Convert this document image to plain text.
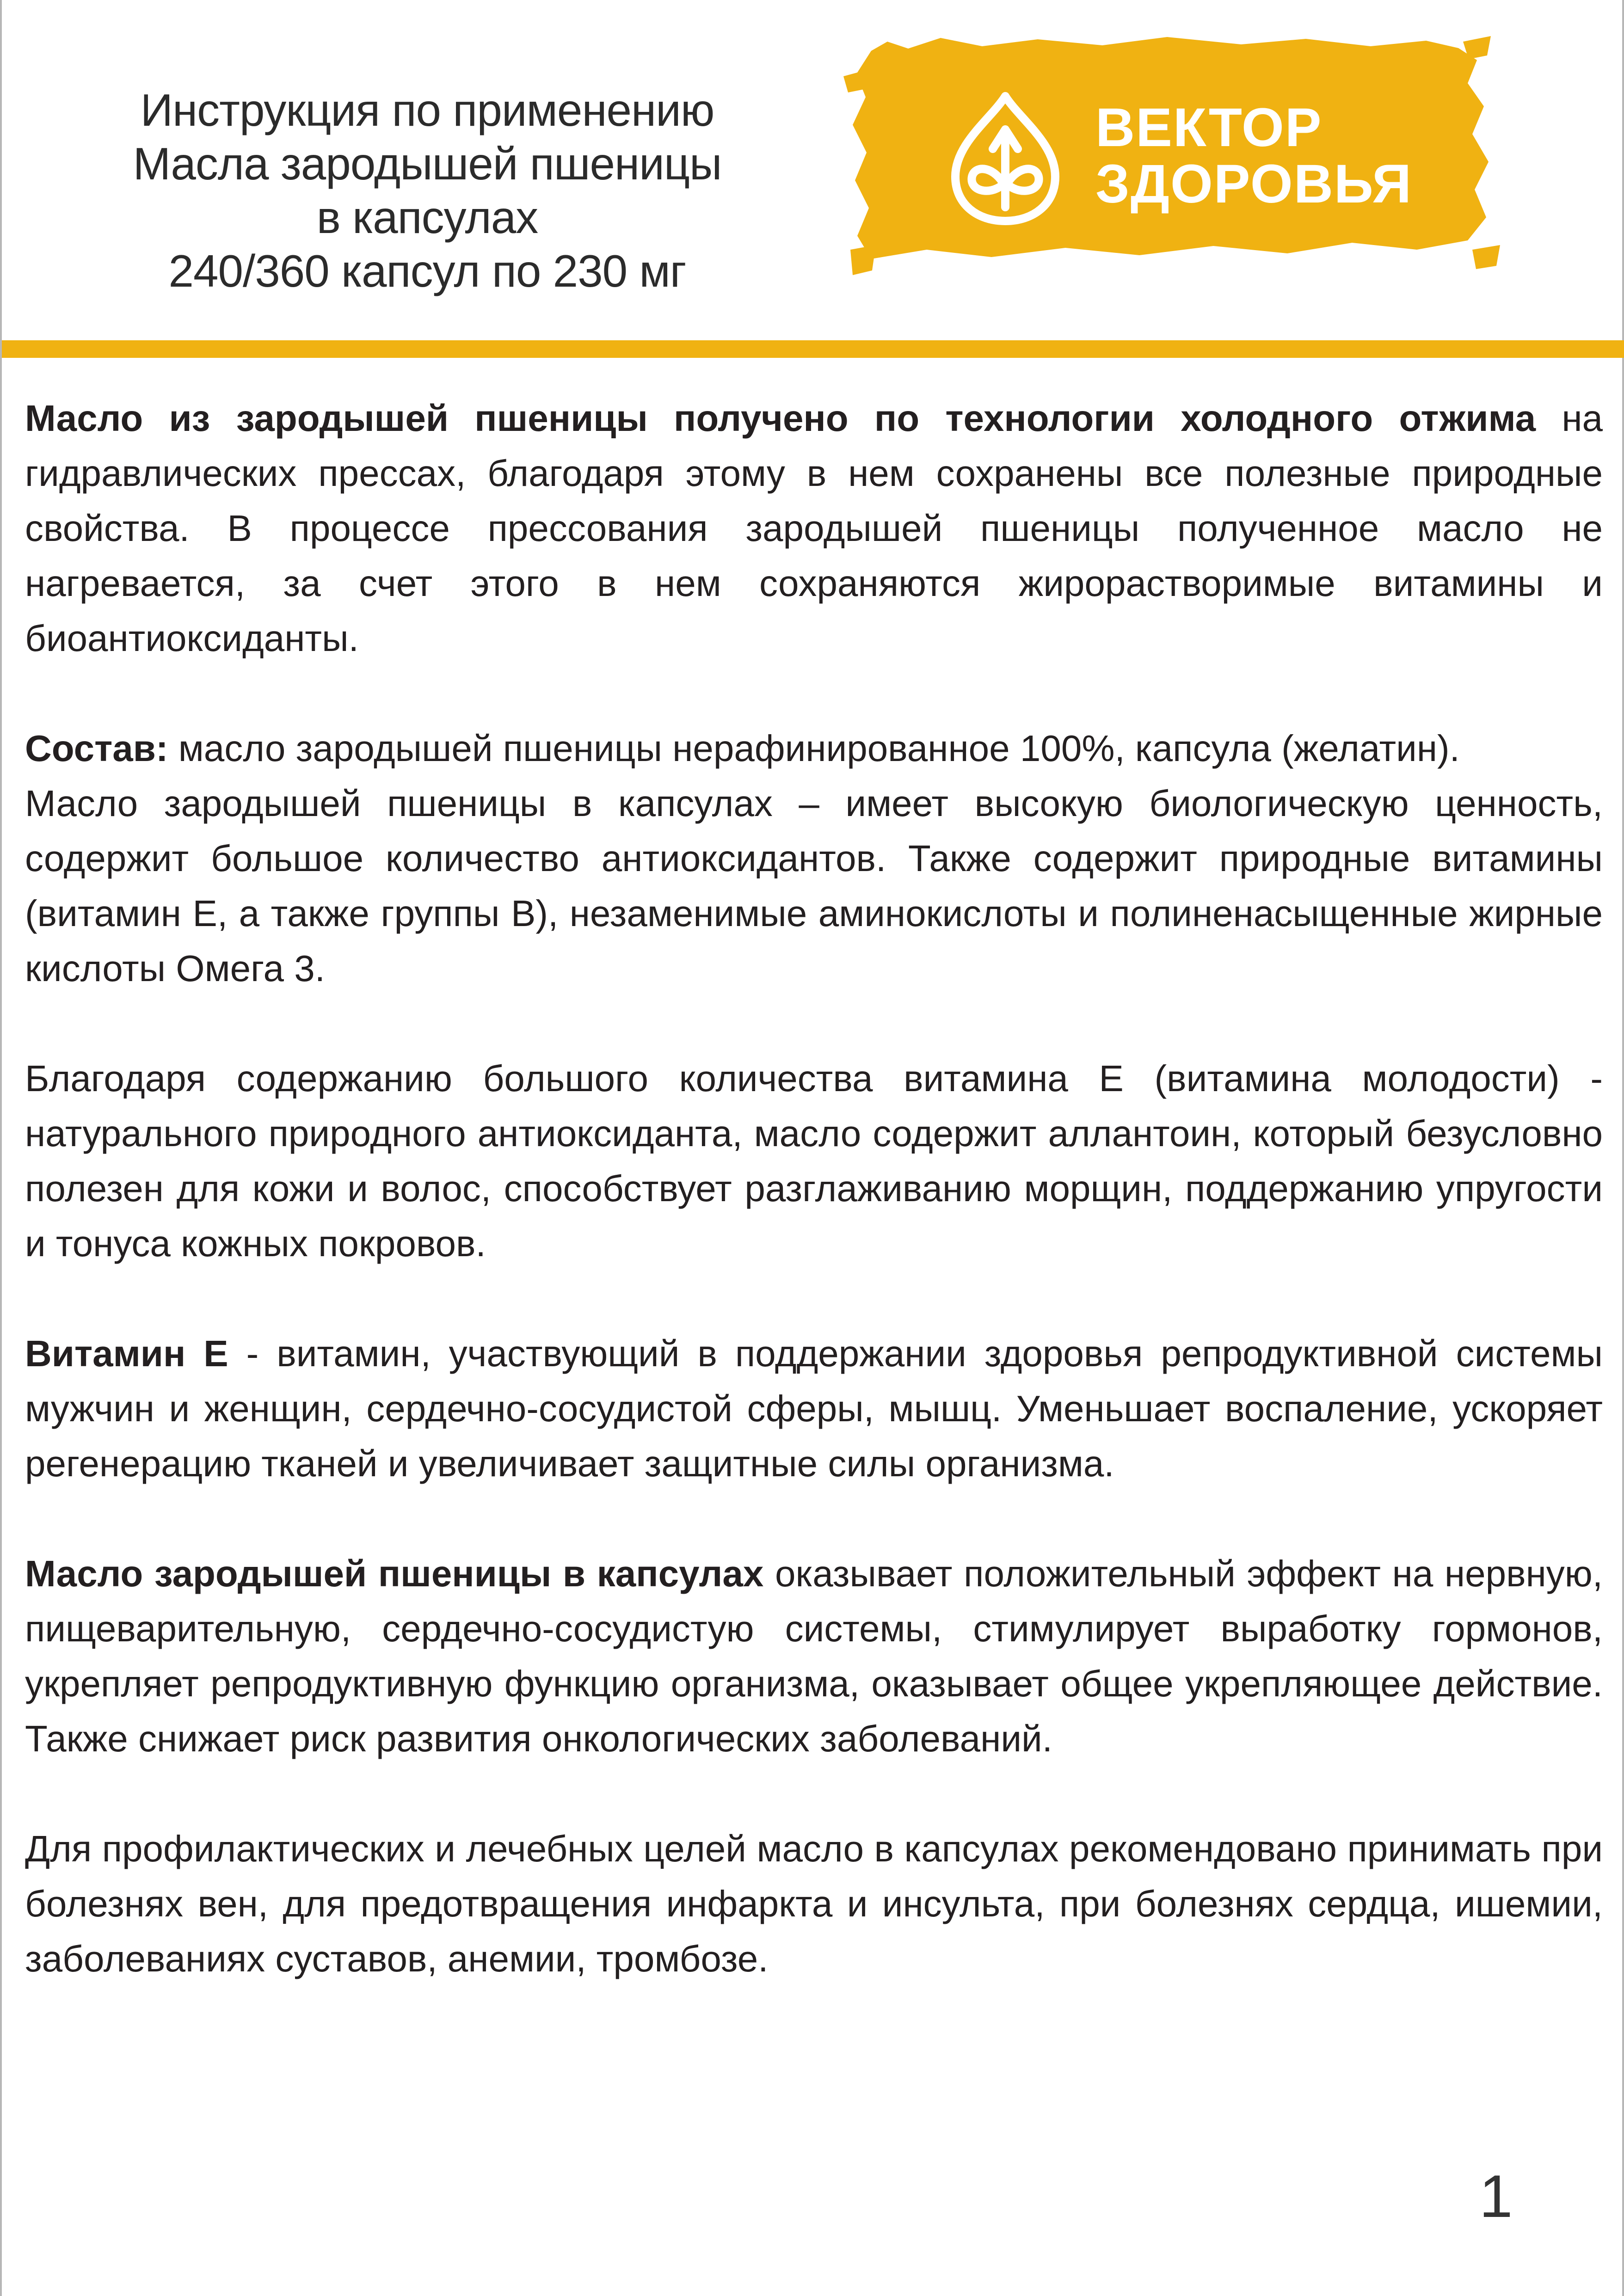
Инструкция по применению
Масла зародышей пшеницы
в капсулах
240/360 капсул по 230 мг
ВЕКТОР
ЗДОРОВЬЯ

Масло из зародышей пшеницы получено по технологии холодного отжима на гидравлических прессах, благодаря этому в нем сохранены все полезные природные свойства. В процессе прессования зародышей пшеницы полученное масло не нагревается, за счет этого в нем сохраняются жирорастворимые витамины и биоантиоксиданты.

Состав: масло зародышей пшеницы нерафинированное 100%, капсула (желатин).

Масло зародышей пшеницы в капсулах – имеет высокую биологическую ценность, содержит большое количество антиоксидантов. Также содержит природные витамины (витамин Е, а также группы В), незаменимые аминокислоты и полиненасыщенные жирные кислоты Омега 3.

Благодаря содержанию большого количества витамина Е (витамина молодости) - натурального природного антиоксиданта, масло содержит аллантоин, который безусловно полезен для кожи и волос, способствует разглаживанию морщин, поддержанию упругости и тонуса кожных покровов.

Витамин Е - витамин, участвующий в поддержании здоровья репродуктивной системы мужчин и женщин, сердечно-сосудистой сферы, мышц. Уменьшает воспаление, ускоряет регенерацию тканей и увеличивает защитные силы организма.

Масло зародышей пшеницы в капсулах оказывает положительный эффект на нервную, пищеварительную, сердечно-сосудистую системы, стимулирует выработку гормонов, укрепляет репродуктивную функцию организма, оказывает общее укрепляющее действие. Также снижает риск развития онкологических заболеваний.

Для профилактических и лечебных целей масло в капсулах рекомендовано принимать при болезнях вен, для предотвращения инфаркта и инсульта, при болезнях сердца, ишемии, заболеваниях суставов, анемии, тромбозе.

1
